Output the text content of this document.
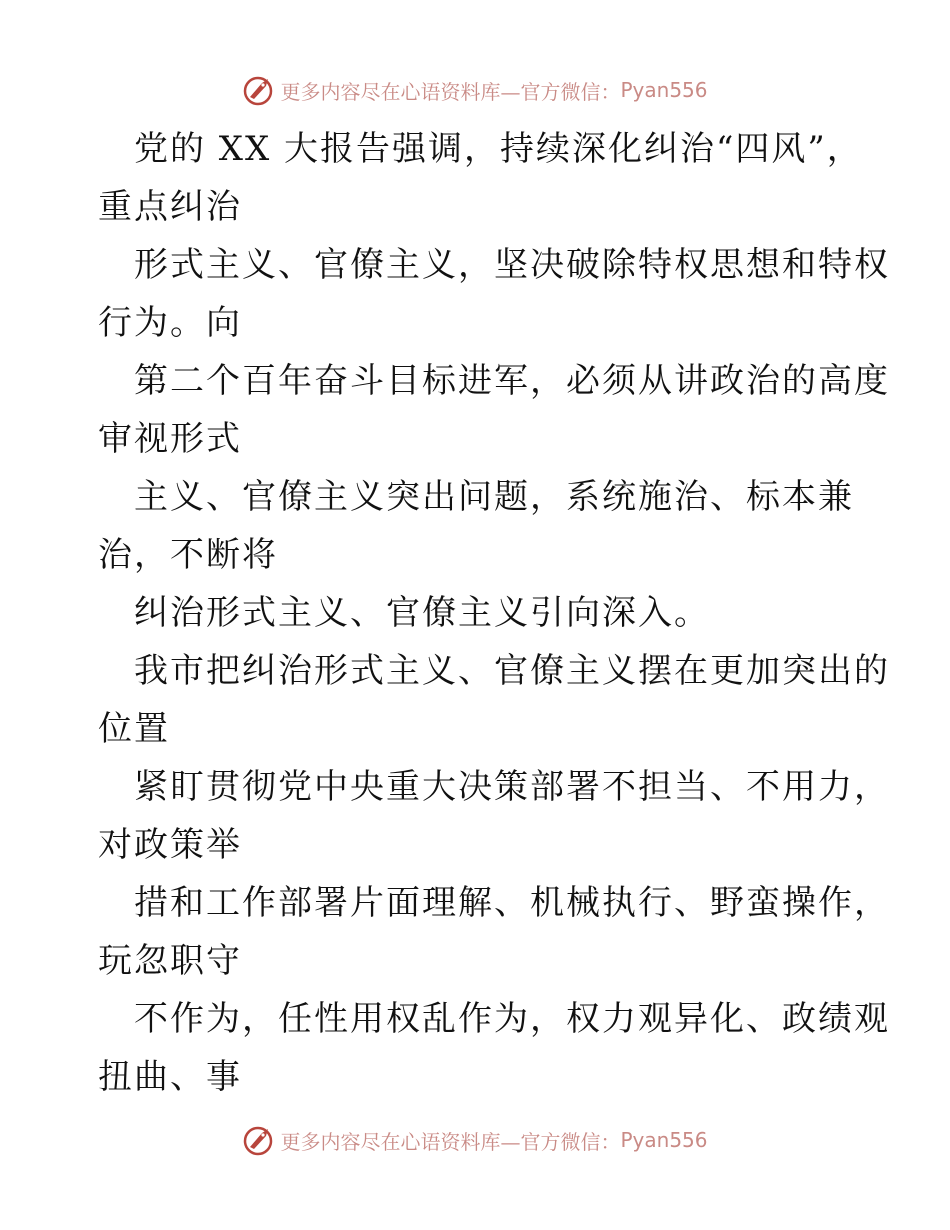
更多内容尽在心语资料库—官方微信： Pyan556
党的 XX 大报告强调，持续深化纠治“四风”，
重点纠治
形式主义、官僚主义，坚决破除特权思想和特权
行为。向
第二个百年奋斗目标进军，必须从讲政治的高度
审视形式
主义、官僚主义突出问题，系统施治、标本兼
治，不断将
纠治形式主义、官僚主义引向深入。
我市把纠治形式主义、官僚主义摆在更加突出的
位置
紧盯贯彻党中央重大决策部署不担当、不用力，
对政策举
措和工作部署片面理解、机械执行、野蛮操作，
玩忽职守
不作为，任性用权乱作为，权力观异化、政绩观
扭曲、事
更多内容尽在心语资料库—官方微信： Pyan556
